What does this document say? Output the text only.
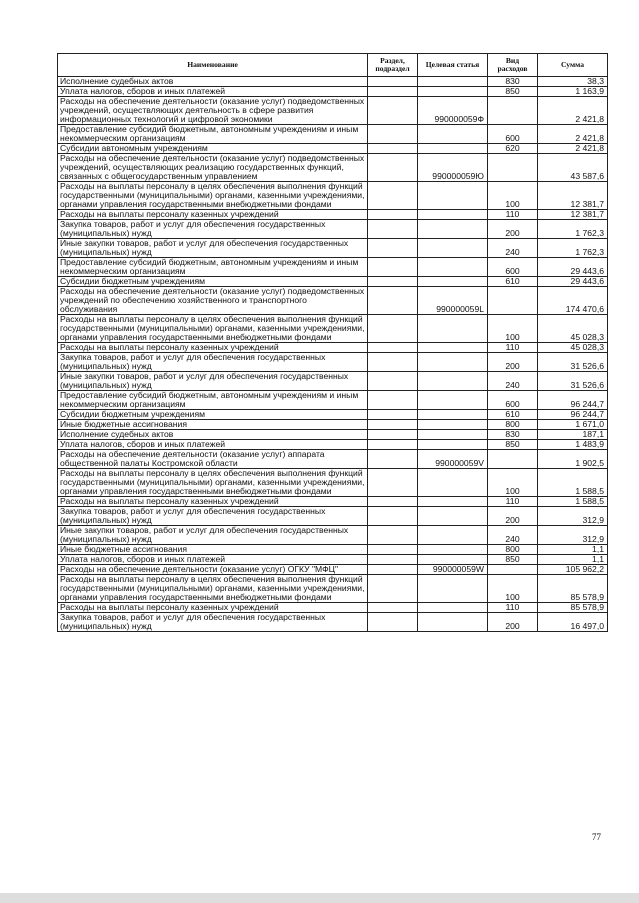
Наименование	Раздел, подраздел	Целевая статья	Вид расходов	Сумма
Исполнение судебных актов			830	38,3
Уплата налогов, сборов и иных платежей			850	1 163,9
Расходы на обеспечение деятельности (оказание услуг) подведомственных учреждений, осуществляющих деятельность в сфере развития информационных технологий и цифровой экономики		990000059Ф		2 421,8
Предоставление субсидий бюджетным, автономным учреждениям и иным некоммерческим организациям			600	2 421,8
Субсидии автономным учреждениям			620	2 421,8
Расходы на обеспечение деятельности (оказание услуг) подведомственных учреждений, осуществляющих реализацию государственных функций, связанных с общегосударственным управлением		990000059Ю		43 587,6
Расходы на выплаты персоналу в целях обеспечения выполнения функций государственными (муниципальными) органами, казенными учреждениями, органами управления государственными внебюджетными фондами			100	12 381,7
Расходы на выплаты персоналу казенных учреждений			110	12 381,7
Закупка товаров, работ и услуг для обеспечения государственных (муниципальных) нужд			200	1 762,3
Иные закупки товаров, работ и услуг для обеспечения государственных (муниципальных) нужд			240	1 762,3
Предоставление субсидий бюджетным, автономным учреждениям и иным некоммерческим организациям			600	29 443,6
Субсидии бюджетным учреждениям			610	29 443,6
Расходы на обеспечение деятельности (оказание услуг) подведомственных учреждений по обеспечению хозяйственного и транспортного обслуживания		990000059L		174 470,6
Расходы на выплаты персоналу в целях обеспечения выполнения функций государственными (муниципальными) органами, казенными учреждениями, органами управления государственными внебюджетными фондами			100	45 028,3
Расходы на выплаты персоналу казенных учреждений			110	45 028,3
Закупка товаров, работ и услуг для обеспечения государственных (муниципальных) нужд			200	31 526,6
Иные закупки товаров, работ и услуг для обеспечения государственных (муниципальных) нужд			240	31 526,6
Предоставление субсидий бюджетным, автономным учреждениям и иным некоммерческим организациям			600	96 244,7
Субсидии бюджетным учреждениям			610	96 244,7
Иные бюджетные ассигнования			800	1 671,0
Исполнение судебных актов			830	187,1
Уплата налогов, сборов и иных платежей			850	1 483,9
Расходы на обеспечение деятельности (оказание услуг) аппарата общественной палаты Костромской области		990000059V		1 902,5
Расходы на выплаты персоналу в целях обеспечения выполнения функций государственными (муниципальными) органами, казенными учреждениями, органами управления государственными внебюджетными фондами			100	1 588,5
Расходы на выплаты персоналу казенных учреждений			110	1 588,5
Закупка товаров, работ и услуг для обеспечения государственных (муниципальных) нужд			200	312,9
Иные закупки товаров, работ и услуг для обеспечения государственных (муниципальных) нужд			240	312,9
Иные бюджетные ассигнования			800	1,1
Уплата налогов, сборов и иных платежей			850	1,1
Расходы на обеспечение деятельности (оказание услуг) ОГКУ "МФЦ"		990000059W		105 962,2
Расходы на выплаты персоналу в целях обеспечения выполнения функций государственными (муниципальными) органами, казенными учреждениями, органами управления государственными внебюджетными фондами			100	85 578,9
Расходы на выплаты персоналу казенных учреждений			110	85 578,9
Закупка товаров, работ и услуг для обеспечения государственных (муниципальных) нужд			200	16 497,0
77
